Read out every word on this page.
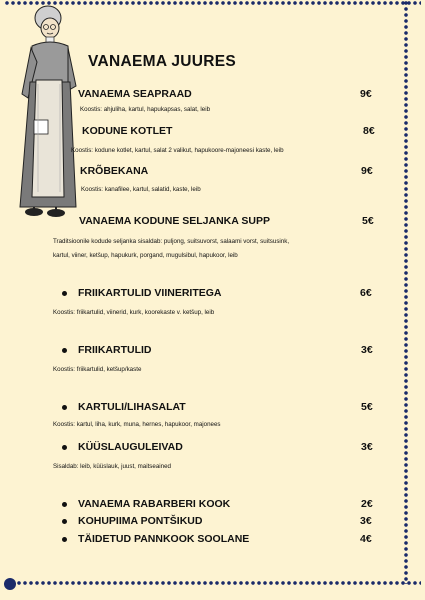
VANAEMA JUURES
VANAEMA SEAPRAAD	9€
Koostis: ahjuliha, kartul, hapukapsas, salat, leib
KODUNE KOTLET	8€
Koostis: kodune kotlet, kartul, salat 2 valikut, hapukoore-majoneesi kaste, leib
KRÕBEKANA	9€
Koostis: kanafilee, kartul, salatid, kaste, leib
VANAEMA KODUNE SELJANKA SUPP	5€
Traditsioonile kodude seljanka sisaldab: puljong, suitsuvorst, salaami vorst, suitsusink,
kartul, viiner, ketšup, hapukurk, porgand, mugulsibul, hapukoor, leib
FRIIKARTULID VIINERITEGA	6€
Koostis: friikartulid, viinerid, kurk, koorekaste v. ketšup, leib
FRIIKARTULID	3€
Koostis: friikartulid, ketšup/kaste
KARTULI/LIHASALAT	5€
Koostis: kartul, liha, kurk, muna, hernes, hapukoor, majonees
KÜÜSLAUGULEIVAD	3€
Sisaldab: leib, küüslauk, juust, maitseained
VANAEMA RABARBERI KOOK	2€
KOHUPIIMA PONTŠIKUD	3€
TÄIDETUD PANNKOOK SOOLANE	4€
